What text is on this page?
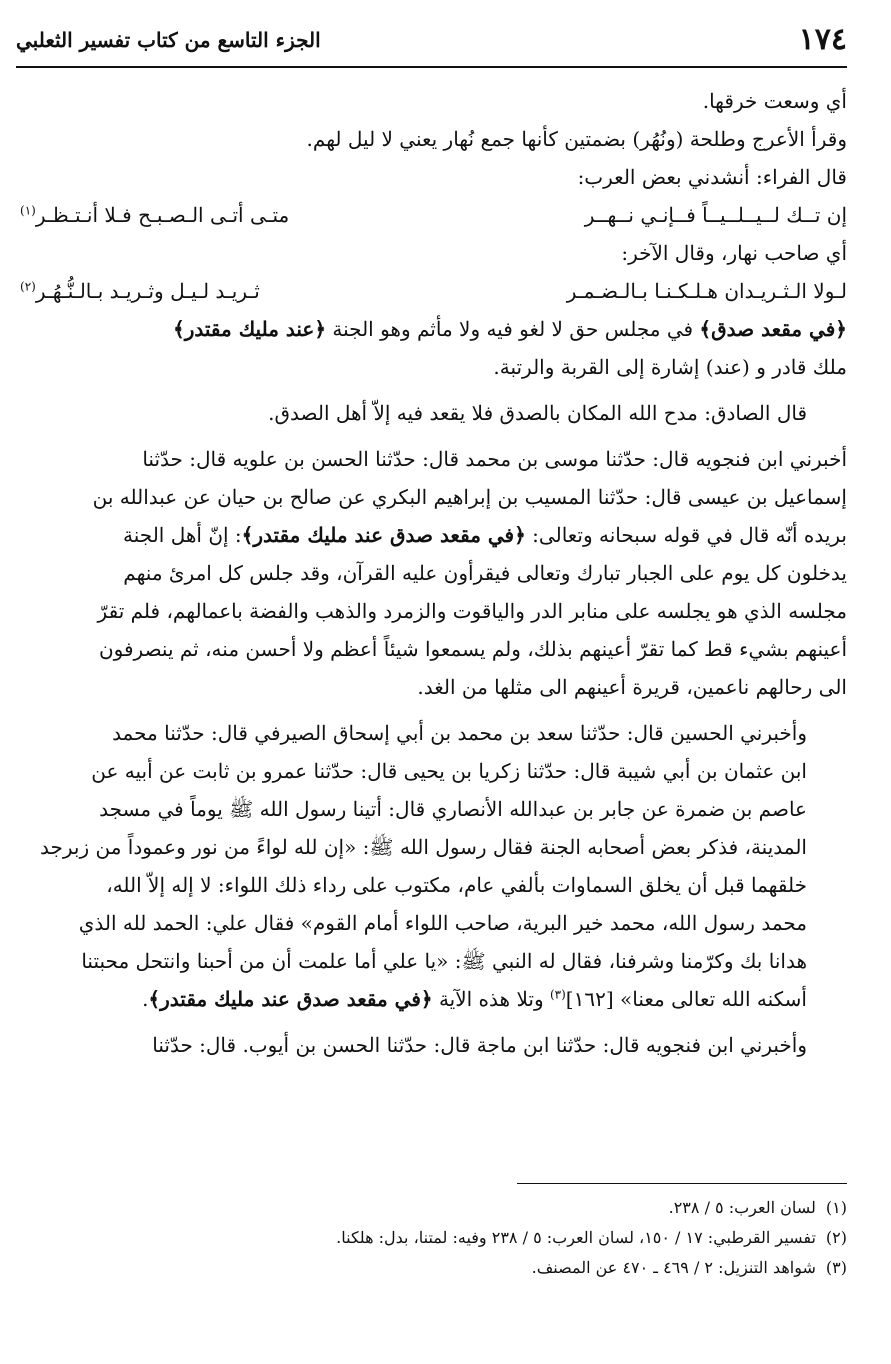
١٧٤
الجزء التاسع من كتاب تفسير الثعلبي

أي وسعت خرقها.

وقرأ الأعرج وطلحة (ونُهُر) بضمتين كأنها جمع نُهار يعني لا ليل لهم.

قال الفراء: أنشدني بعض العرب:

إن تــك لــيــلــيــاً فــإنـي نــهــر
متـى أتـى الـصـبـح فـلا أنـتـظـر$^{(١)}$

أي صاحب نهار، وقال الآخر:

لـولا الـثـريـدان هـلـكـنـا بـالـضـمـر
ثـريـد لـيـل وثـريـد بـالـنُّـهُـر$^{(٢)}$

﴿في مقعد صدق﴾ في مجلس حق لا لغو فيه ولا مأثم وهو الجنة ﴿عند مليك مقتدر﴾
ملك قادر و (عند) إشارة إلى القربة والرتبة.

قال الصادق: مدح الله المكان بالصدق فلا يقعد فيه إلاّ أهل الصدق.

أخبرني ابن فنجويه قال: حدّثنا موسى بن محمد قال: حدّثنا الحسن بن علويه قال: حدّثنا
إسماعيل بن عيسى قال: حدّثنا المسيب بن إبراهيم البكري عن صالح بن حيان عن عبدالله بن
بريده أنّه قال في قوله سبحانه وتعالى: ﴿في مقعد صدق عند مليك مقتدر﴾: إنّ أهل الجنة
يدخلون كل يوم على الجبار تبارك وتعالى فيقرأون عليه القرآن، وقد جلس كل امرئ منهم
مجلسه الذي هو يجلسه على منابر الدر والياقوت والزمرد والذهب والفضة باعمالهم، فلم تقرّ
أعينهم بشيء قط كما تقرّ أعينهم بذلك، ولم يسمعوا شيئاً أعظم ولا أحسن منه، ثم ينصرفون
الى رحالهم ناعمين، قريرة أعينهم الى مثلها من الغد.

وأخبرني الحسين قال: حدّثنا سعد بن محمد بن أبي إسحاق الصيرفي قال: حدّثنا محمد
ابن عثمان بن أبي شيبة قال: حدّثنا زكريا بن يحيى قال: حدّثنا عمرو بن ثابت عن أبيه عن
عاصم بن ضمرة عن جابر بن عبدالله الأنصاري قال: أتينا رسول الله ﷺ يوماً في مسجد
المدينة، فذكر بعض أصحابه الجنة فقال رسول الله ﷺ: «إن لله لواءً من نور وعموداً من زبرجد
خلقهما قبل أن يخلق السماوات بألفي عام، مكتوب على رداء ذلك اللواء: لا إله إلاّ الله،
محمد رسول الله، محمد خير البرية، صاحب اللواء أمام القوم» فقال علي: الحمد لله الذي
هدانا بك وكرّمنا وشرفنا، فقال له النبي ﷺ: «يا علي أما علمت أن من أحبنا وانتحل محبتنا
أسكنه الله تعالى معنا» [١٦٢]$^{(٣)}$ وتلا هذه الآية ﴿في مقعد صدق عند مليك مقتدر﴾.

وأخبرني ابن فنجويه قال: حدّثنا ابن ماجة قال: حدّثنا الحسن بن أيوب. قال: حدّثنا

(١)
لسان العرب: ٥ / ٢٣٨.
(٢)
تفسير القرطبي: ١٧ / ١٥٠، لسان العرب: ٥ / ٢٣٨ وفيه: لمتنا، بدل: هلكنا.
(٣)
شواهد التنزيل: ٢ / ٤٦٩ ـ ٤٧٠ عن المصنف.
